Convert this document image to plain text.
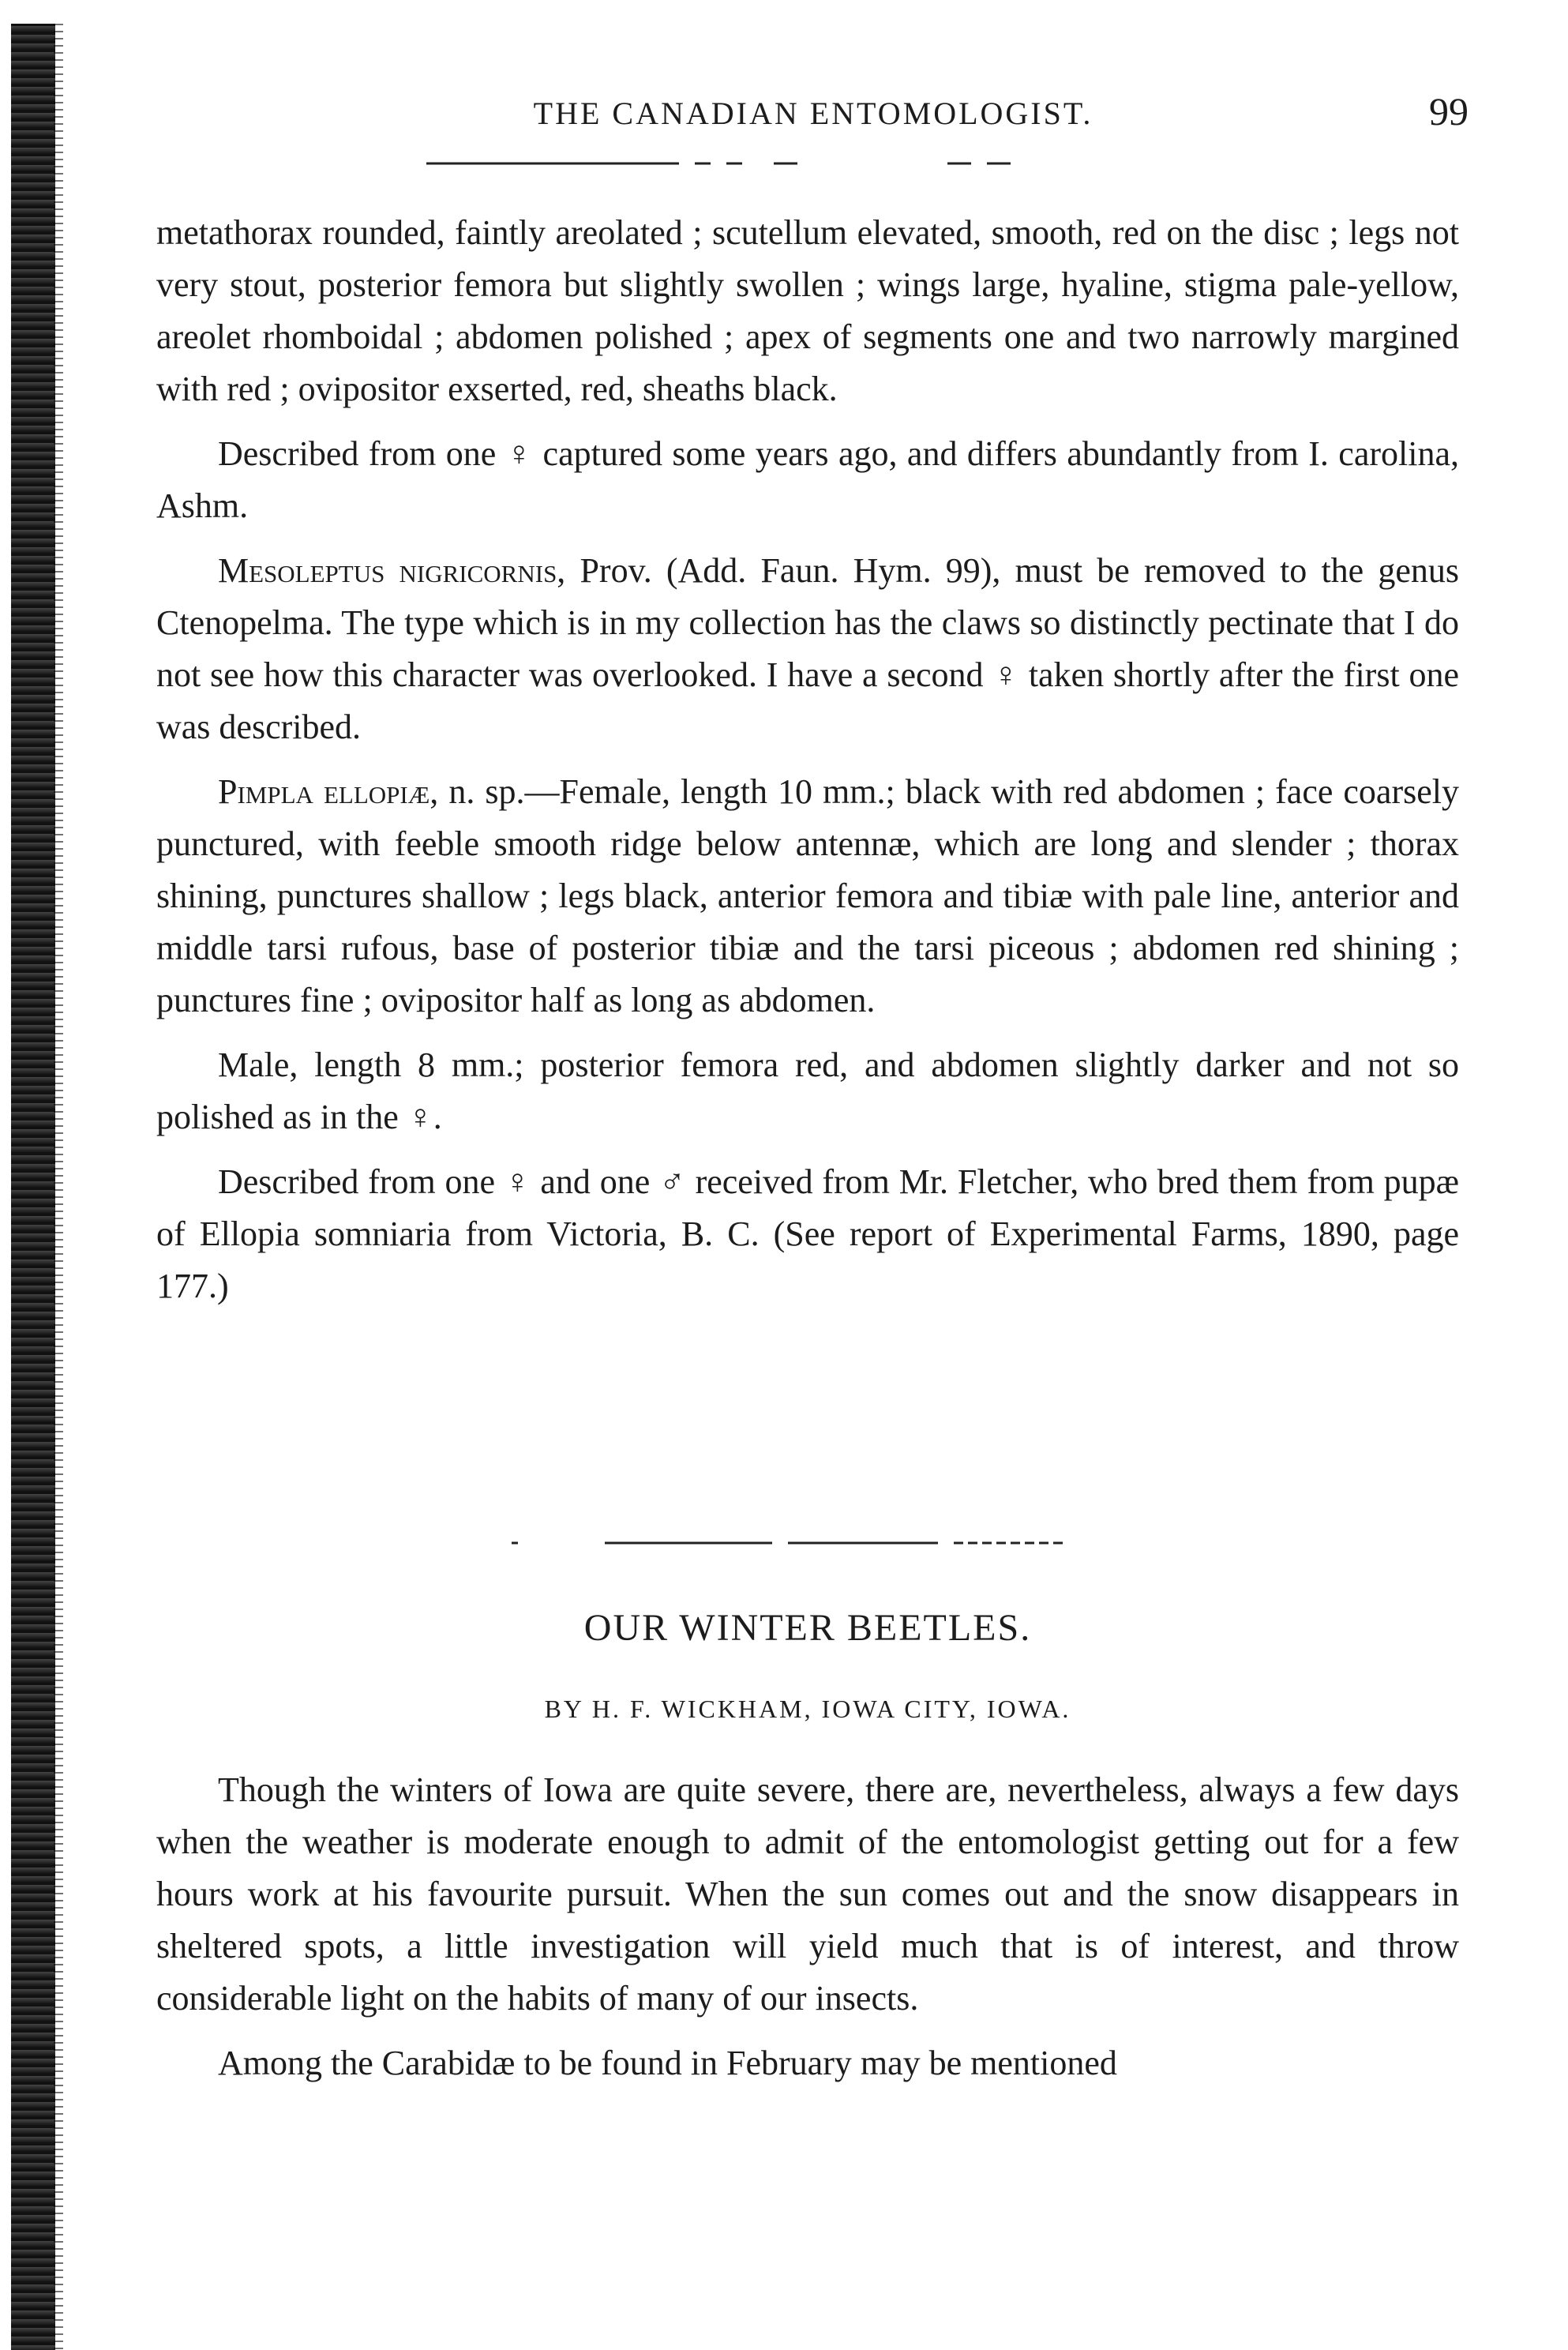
THE CANADIAN ENTOMOLOGIST.	99

metathorax rounded, faintly areolated ; scutellum elevated, smooth, red on the disc ; legs not very stout, posterior femora but slightly swollen ; wings large, hyaline, stigma pale-yellow, areolet rhomboidal ; abdomen polished ; apex of segments one and two narrowly margined with red ; ovipositor exserted, red, sheaths black.

Described from one ♀ captured some years ago, and differs abundantly from I. carolina, Ashm.

Mesoleptus nigricornis, Prov. (Add. Faun. Hym. 99), must be removed to the genus Ctenopelma. The type which is in my collection has the claws so distinctly pectinate that I do not see how this character was overlooked. I have a second ♀ taken shortly after the first one was described.

Pimpla ellopiæ, n. sp.—Female, length 10 mm.; black with red abdomen ; face coarsely punctured, with feeble smooth ridge below antennæ, which are long and slender ; thorax shining, punctures shallow ; legs black, anterior femora and tibiæ with pale line, anterior and middle tarsi rufous, base of posterior tibiæ and the tarsi piceous ; abdomen red shining ; punctures fine ; ovipositor half as long as abdomen.

Male, length 8 mm.; posterior femora red, and abdomen slightly darker and not so polished as in the ♀.

Described from one ♀ and one ♂ received from Mr. Fletcher, who bred them from pupæ of Ellopia somniaria from Victoria, B. C. (See report of Experimental Farms, 1890, page 177.)

OUR WINTER BEETLES.
BY H. F. WICKHAM, IOWA CITY, IOWA.

Though the winters of Iowa are quite severe, there are, nevertheless, always a few days when the weather is moderate enough to admit of the entomologist getting out for a few hours work at his favourite pursuit. When the sun comes out and the snow disappears in sheltered spots, a little investigation will yield much that is of interest, and throw considerable light on the habits of many of our insects.

Among the Carabidæ to be found in February may be mentioned
